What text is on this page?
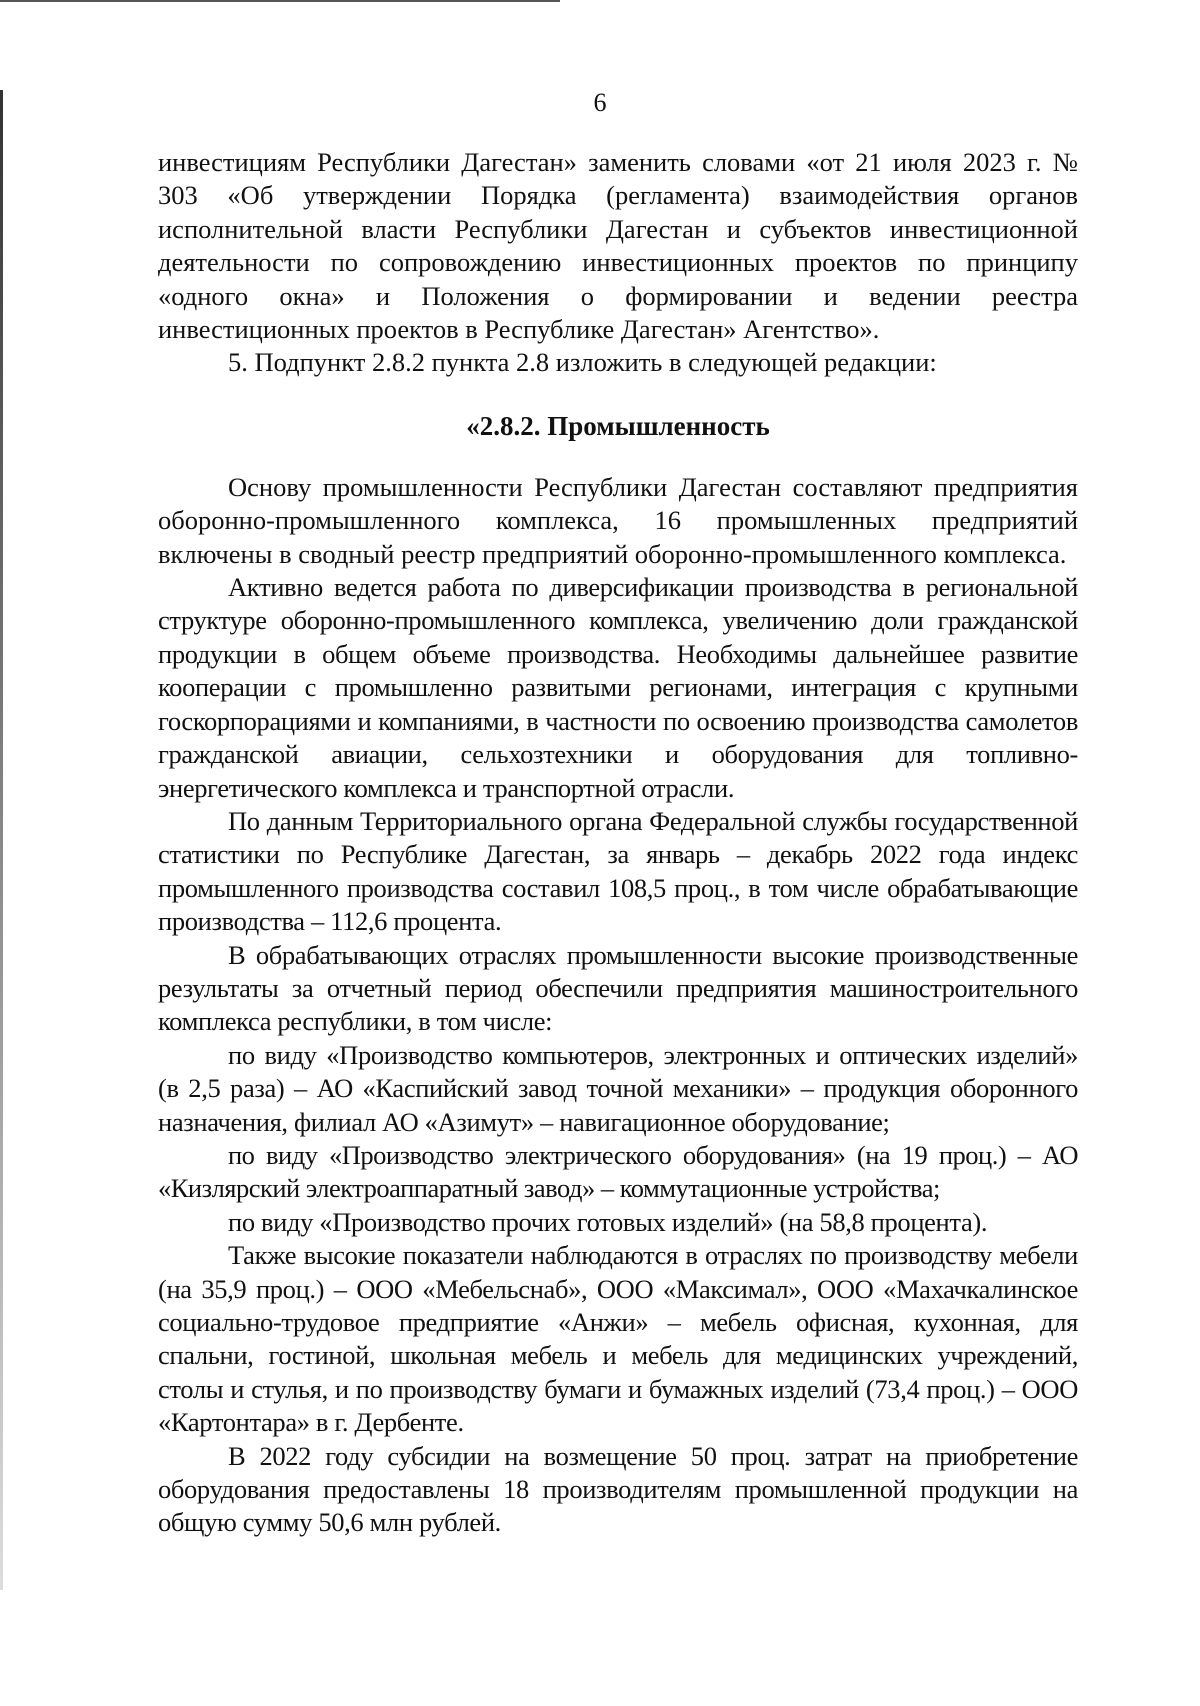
6

инвестициям Республики Дагестан» заменить словами «от 21 июля 2023 г. № 303 «Об утверждении Порядка (регламента) взаимодействия органов исполнительной власти Республики Дагестан и субъектов инвестиционной деятельности по сопровождению инвестиционных проектов по принципу «одного окна» и Положения о формировании и ведении реестра инвестиционных проектов в Республике Дагестан» Агентство».

5. Подпункт 2.8.2 пункта 2.8 изложить в следующей редакции:

«2.8.2. Промышленность

Основу промышленности Республики Дагестан составляют предприятия оборонно-промышленного комплекса, 16 промышленных предприятий включены в сводный реестр предприятий оборонно-промышленного комплекса.

Активно ведется работа по диверсификации производства в региональной структуре оборонно-промышленного комплекса, увеличению доли гражданской продукции в общем объеме производства. Необходимы дальнейшее развитие кооперации с промышленно развитыми регионами, интеграция с крупными госкорпорациями и компаниями, в частности по освоению производства самолетов гражданской авиации, сельхозтехники и оборудования для топливно-энергетического комплекса и транспортной отрасли.

По данным Территориального органа Федеральной службы государственной статистики по Республике Дагестан, за январь – декабрь 2022 года индекс промышленного производства составил 108,5 проц., в том числе обрабатывающие производства – 112,6 процента.

В обрабатывающих отраслях промышленности высокие производственные результаты за отчетный период обеспечили предприятия машиностроительного комплекса республики, в том числе:

по виду «Производство компьютеров, электронных и оптических изделий» (в 2,5 раза) – АО «Каспийский завод точной механики» – продукция оборонного назначения, филиал АО «Азимут» – навигационное оборудование;

по виду «Производство электрического оборудования» (на 19 проц.) – АО «Кизлярский электроаппаратный завод» – коммутационные устройства;

по виду «Производство прочих готовых изделий» (на 58,8 процента).

Также высокие показатели наблюдаются в отраслях по производству мебели (на 35,9 проц.) – ООО «Мебельснаб», ООО «Максимал», ООО «Махачкалинское социально-трудовое предприятие «Анжи» – мебель офисная, кухонная, для спальни, гостиной, школьная мебель и мебель для медицинских учреждений, столы и стулья, и по производству бумаги и бумажных изделий (73,4 проц.) – ООО «Картонтара» в г. Дербенте.

В 2022 году субсидии на возмещение 50 проц. затрат на приобретение оборудования предоставлены 18 производителям промышленной продукции на общую сумму 50,6 млн рублей.
